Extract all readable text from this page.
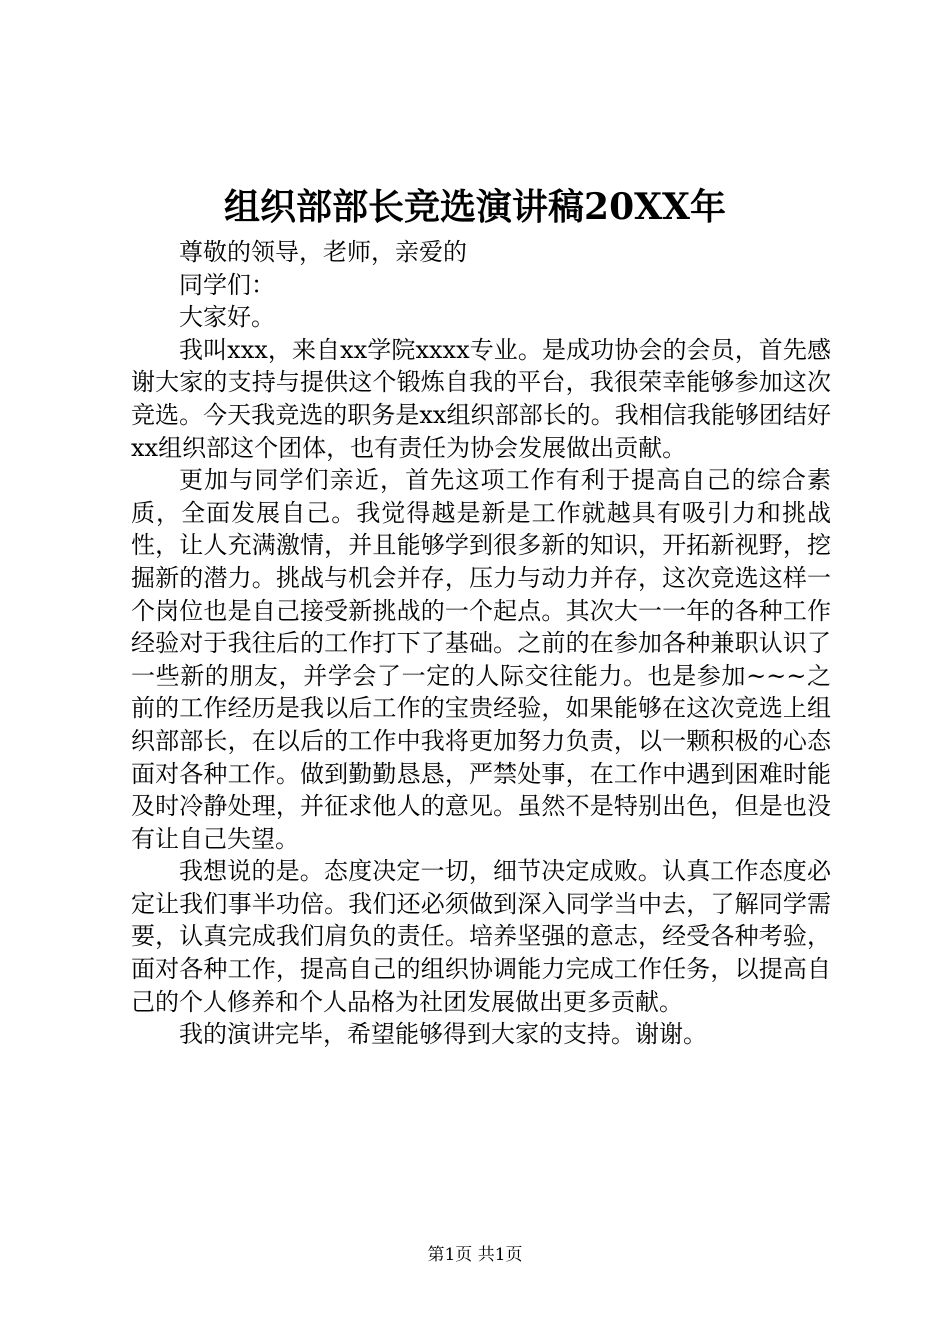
组织部部长竞选演讲稿20XX年

尊敬的领导，老师，亲爱的

同学们：

大家好。

我叫xxx，来自xx学院xxxx专业。是成功协会的会员，首先感谢大家的支持与提供这个锻炼自我的平台，我很荣幸能够参加这次竞选。今天我竞选的职务是xx组织部部长的。我相信我能够团结好xx组织部这个团体，也有责任为协会发展做出贡献。

更加与同学们亲近，首先这项工作有利于提高自己的综合素质，全面发展自己。我觉得越是新是工作就越具有吸引力和挑战性，让人充满激情，并且能够学到很多新的知识，开拓新视野，挖掘新的潜力。挑战与机会并存，压力与动力并存，这次竞选这样一个岗位也是自己接受新挑战的一个起点。其次大一一年的各种工作经验对于我往后的工作打下了基础。之前的在参加各种兼职认识了一些新的朋友，并学会了一定的人际交往能力。也是参加~~~之前的工作经历是我以后工作的宝贵经验，如果能够在这次竞选上组织部部长，在以后的工作中我将更加努力负责，以一颗积极的心态面对各种工作。做到勤勤恳恳，严禁处事，在工作中遇到困难时能及时冷静处理，并征求他人的意见。虽然不是特别出色，但是也没有让自己失望。

我想说的是。态度决定一切，细节决定成败。认真工作态度必定让我们事半功倍。我们还必须做到深入同学当中去，了解同学需要，认真完成我们肩负的责任。培养坚强的意志，经受各种考验，面对各种工作，提高自己的组织协调能力完成工作任务，以提高自己的个人修养和个人品格为社团发展做出更多贡献。

我的演讲完毕，希望能够得到大家的支持。谢谢。

第1页 共1页
